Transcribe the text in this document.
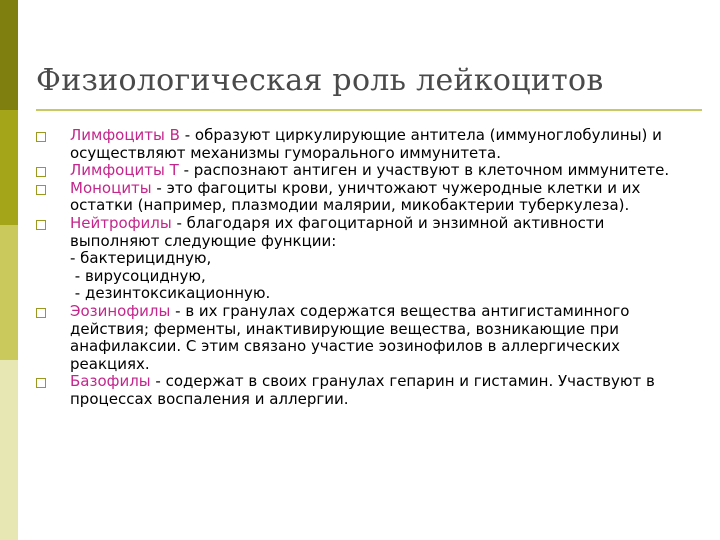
Физиологическая роль лейкоцитов
Лимфоциты В - образуют циркулирующие антитела (иммуноглобулины) и осуществляют механизмы гуморального иммунитета.
Лимфоциты Т - распознают антиген и участвуют в клеточном иммунитете.
Моноциты - это фагоциты крови, уничтожают чужеродные клетки и их остатки (например, плазмодии малярии, микобактерии туберкулеза).
Нейтрофилы - благодаря их фагоцитарной и энзимной активности выполняют следующие функции:
- бактерицидную,
- вирусоцидную,
- дезинтоксикационную.
Эозинофилы - в их гранулах содержатся вещества антигистаминного действия; ферменты, инактивирующие вещества, возникающие при анафилаксии. С этим связано участие эозинофилов в аллергических реакциях.
Базофилы - содержат в своих гранулах гепарин и гистамин. Участвуют в процессах воспаления и аллергии.
